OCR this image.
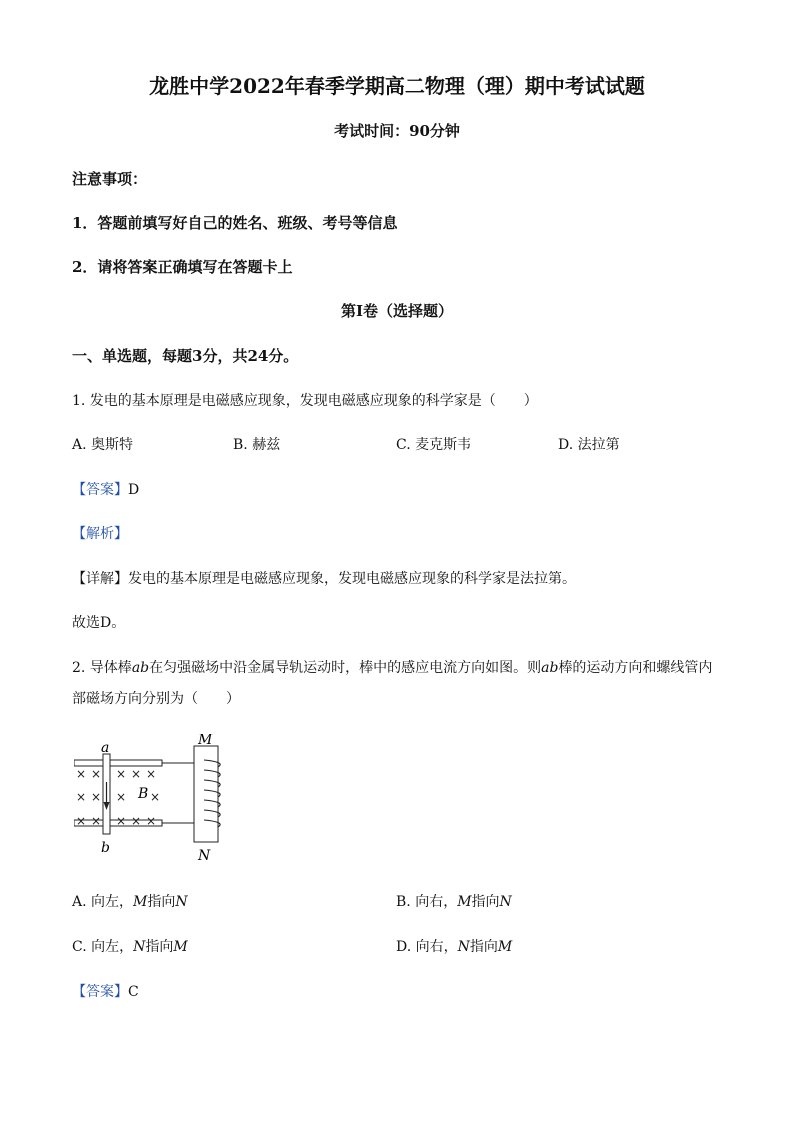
龙胜中学2022年春季学期高二物理（理）期中考试试题
考试时间：90分钟
注意事项：
1．答题前填写好自己的姓名、班级、考号等信息
2．请将答案正确填写在答题卡上
第I卷（选择题）
一、单选题，每题3分，共24分。
1. 发电的基本原理是电磁感应现象，发现电磁感应现象的科学家是（　　）
A. 奥斯特	B. 赫兹	C. 麦克斯韦	D. 法拉第
【答案】D
【解析】
【详解】发电的基本原理是电磁感应现象，发现电磁感应现象的科学家是法拉第。
故选D。
2. 导体棒ab在匀强磁场中沿金属导轨运动时，棒中的感应电流方向如图。则ab棒的运动方向和螺线管内
部磁场方向分别为（　　）
× × × × ×
× × × ×
× × × × ×
a
b
B
M
N
A. 向左，M指向N	B. 向右，M指向N
C. 向左，N指向M	D. 向右，N指向M
【答案】C
